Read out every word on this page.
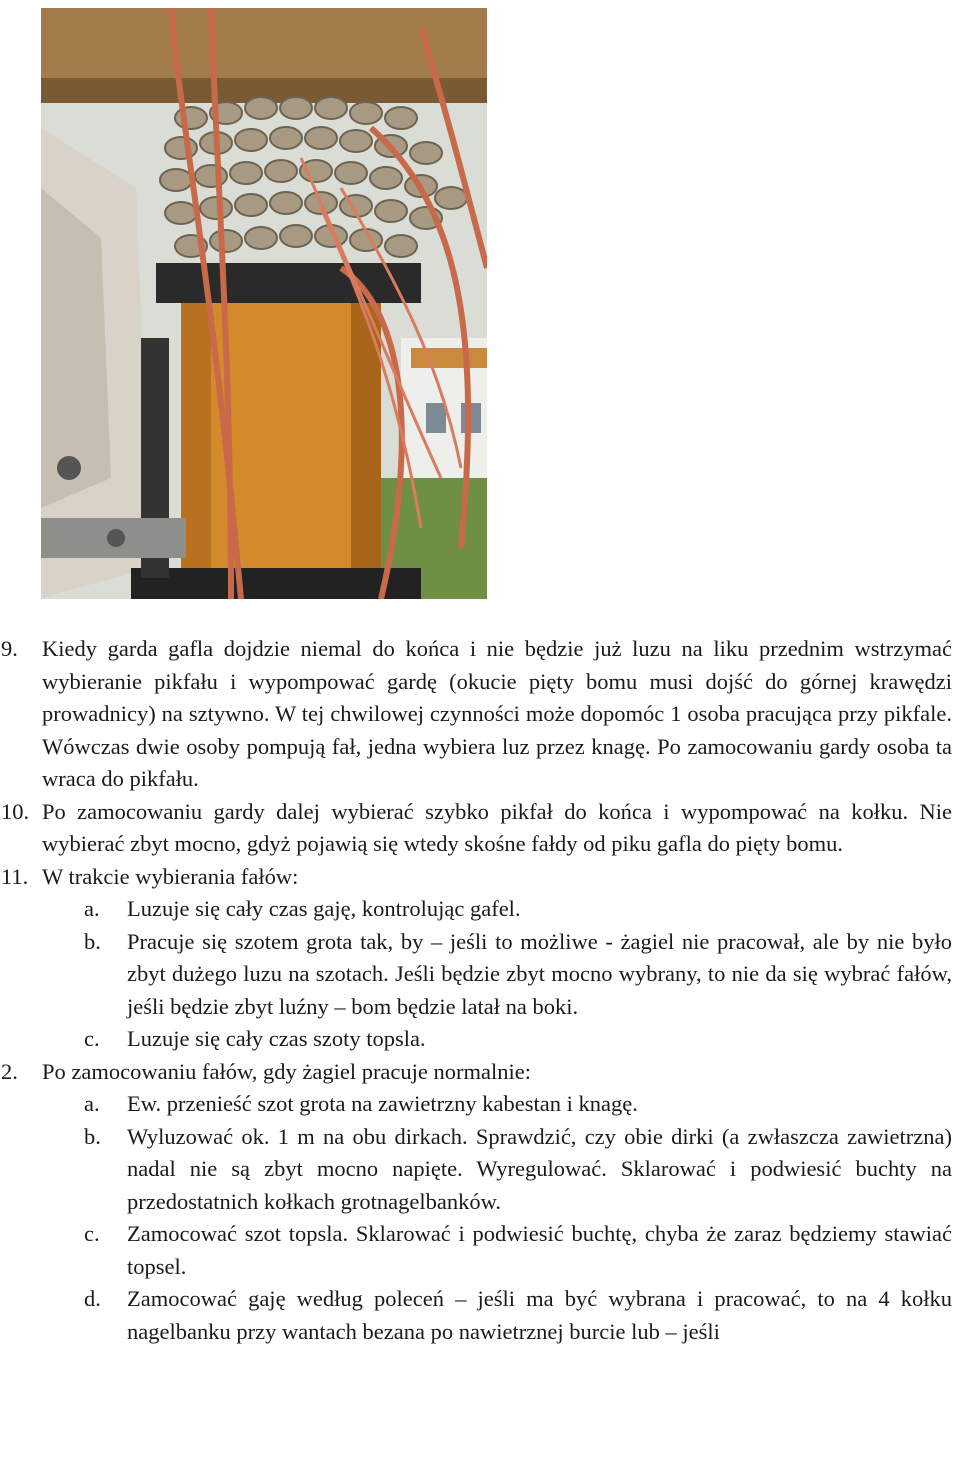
9. Kiedy garda gafla dojdzie niemal do końca i nie będzie już luzu na liku przednim wstrzymać wybieranie pikfału i wypompować gardę (okucie pięty bomu musi dojść do górnej krawędzi prowadnicy) na sztywno. W tej chwilowej czynności może dopomóc 1 osoba pracująca przy pikfale. Wówczas dwie osoby pompują fał, jedna wybiera luz przez knagę. Po zamocowaniu gardy osoba ta wraca do pikfału.
10. Po zamocowaniu gardy dalej wybierać szybko pikfał do końca i wypompować na kołku. Nie wybierać zbyt mocno, gdyż pojawią się wtedy skośne fałdy od piku gafla do pięty bomu.
11. W trakcie wybierania fałów:
a. Luzuje się cały czas gaję, kontrolując gafel.
b. Pracuje się szotem grota tak, by – jeśli to możliwe - żagiel nie pracował, ale by nie było zbyt dużego luzu na szotach. Jeśli będzie zbyt mocno wybrany, to nie da się wybrać fałów, jeśli będzie zbyt luźny – bom będzie latał na boki.
c. Luzuje się cały czas szoty topsla.
2. Po zamocowaniu fałów, gdy żagiel pracuje normalnie:
a. Ew. przenieść szot grota na zawietrzny kabestan i knagę.
b. Wyluzować ok. 1 m na obu dirkach. Sprawdzić, czy obie dirki (a zwłaszcza zawietrzna) nadal nie są zbyt mocno napięte. Wyregulować. Sklarować i podwiesić buchty na przedostatnich kołkach grotnagelbanków.
c. Zamocować szot topsla. Sklarować i podwiesić buchtę, chyba że zaraz będziemy stawiać topsel.
d. Zamocować gaję według poleceń – jeśli ma być wybrana i pracować, to na 4 kołku nagelbanku przy wantach bezana po nawietrznej burcie lub – jeśli
